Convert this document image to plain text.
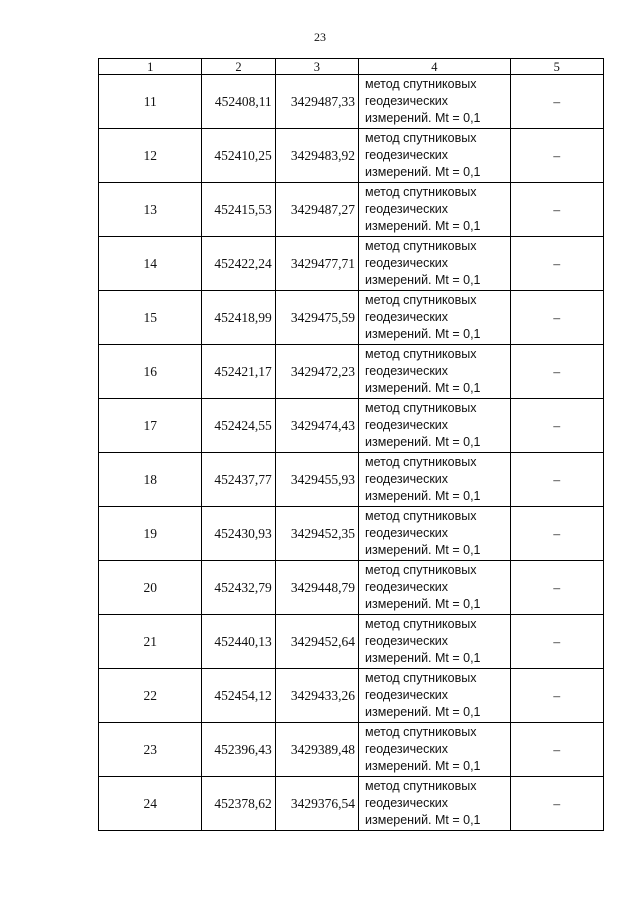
23
1	2	3	4	5
11	452408,11	3429487,33	метод спутниковых
геодезических
измерений. Mt = 0,1	–
12	452410,25	3429483,92	метод спутниковых
геодезических
измерений. Mt = 0,1	–
13	452415,53	3429487,27	метод спутниковых
геодезических
измерений. Mt = 0,1	–
14	452422,24	3429477,71	метод спутниковых
геодезических
измерений. Mt = 0,1	–
15	452418,99	3429475,59	метод спутниковых
геодезических
измерений. Mt = 0,1	–
16	452421,17	3429472,23	метод спутниковых
геодезических
измерений. Mt = 0,1	–
17	452424,55	3429474,43	метод спутниковых
геодезических
измерений. Mt = 0,1	–
18	452437,77	3429455,93	метод спутниковых
геодезических
измерений. Mt = 0,1	–
19	452430,93	3429452,35	метод спутниковых
геодезических
измерений. Mt = 0,1	–
20	452432,79	3429448,79	метод спутниковых
геодезических
измерений. Mt = 0,1	–
21	452440,13	3429452,64	метод спутниковых
геодезических
измерений. Mt = 0,1	–
22	452454,12	3429433,26	метод спутниковых
геодезических
измерений. Mt = 0,1	–
23	452396,43	3429389,48	метод спутниковых
геодезических
измерений. Mt = 0,1	–
24	452378,62	3429376,54	метод спутниковых
геодезических
измерений. Mt = 0,1	–
